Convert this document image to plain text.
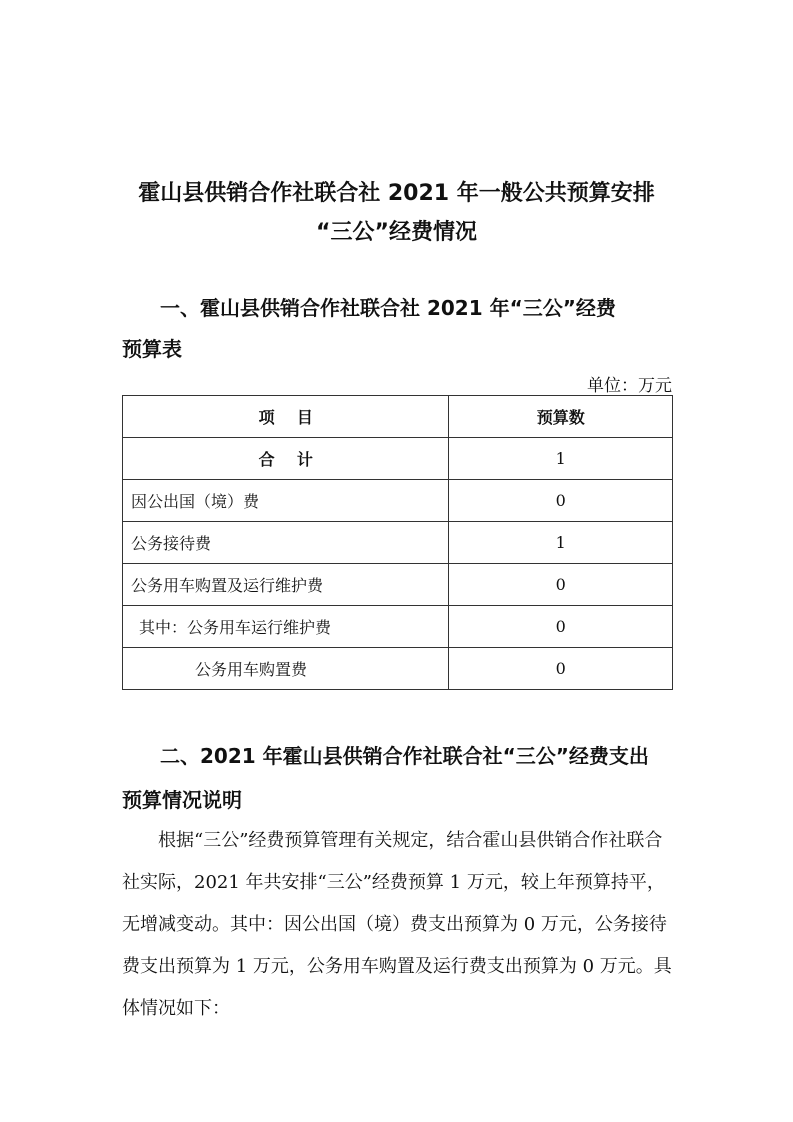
霍山县供销合作社联合社 2021 年一般公共预算安排
“三公”经费情况
一、霍山县供销合作社联合社 2021 年“三公”经费
预算表
单位：万元
项    目	预算数
合    计	1
因公出国（境）费	0
公务接待费	1
公务用车购置及运行维护费	0
其中：公务用车运行维护费	0
公务用车购置费	0
二、2021 年霍山县供销合作社联合社“三公”经费支出
预算情况说明

根据“三公”经费预算管理有关规定，结合霍山县供销合作社联合社实际，2021 年共安排“三公”经费预算 1 万元，较上年预算持平，无增减变动。其中：因公出国（境）费支出预算为 0 万元，公务接待费支出预算为 1 万元，公务用车购置及运行费支出预算为 0 万元。具体情况如下：
